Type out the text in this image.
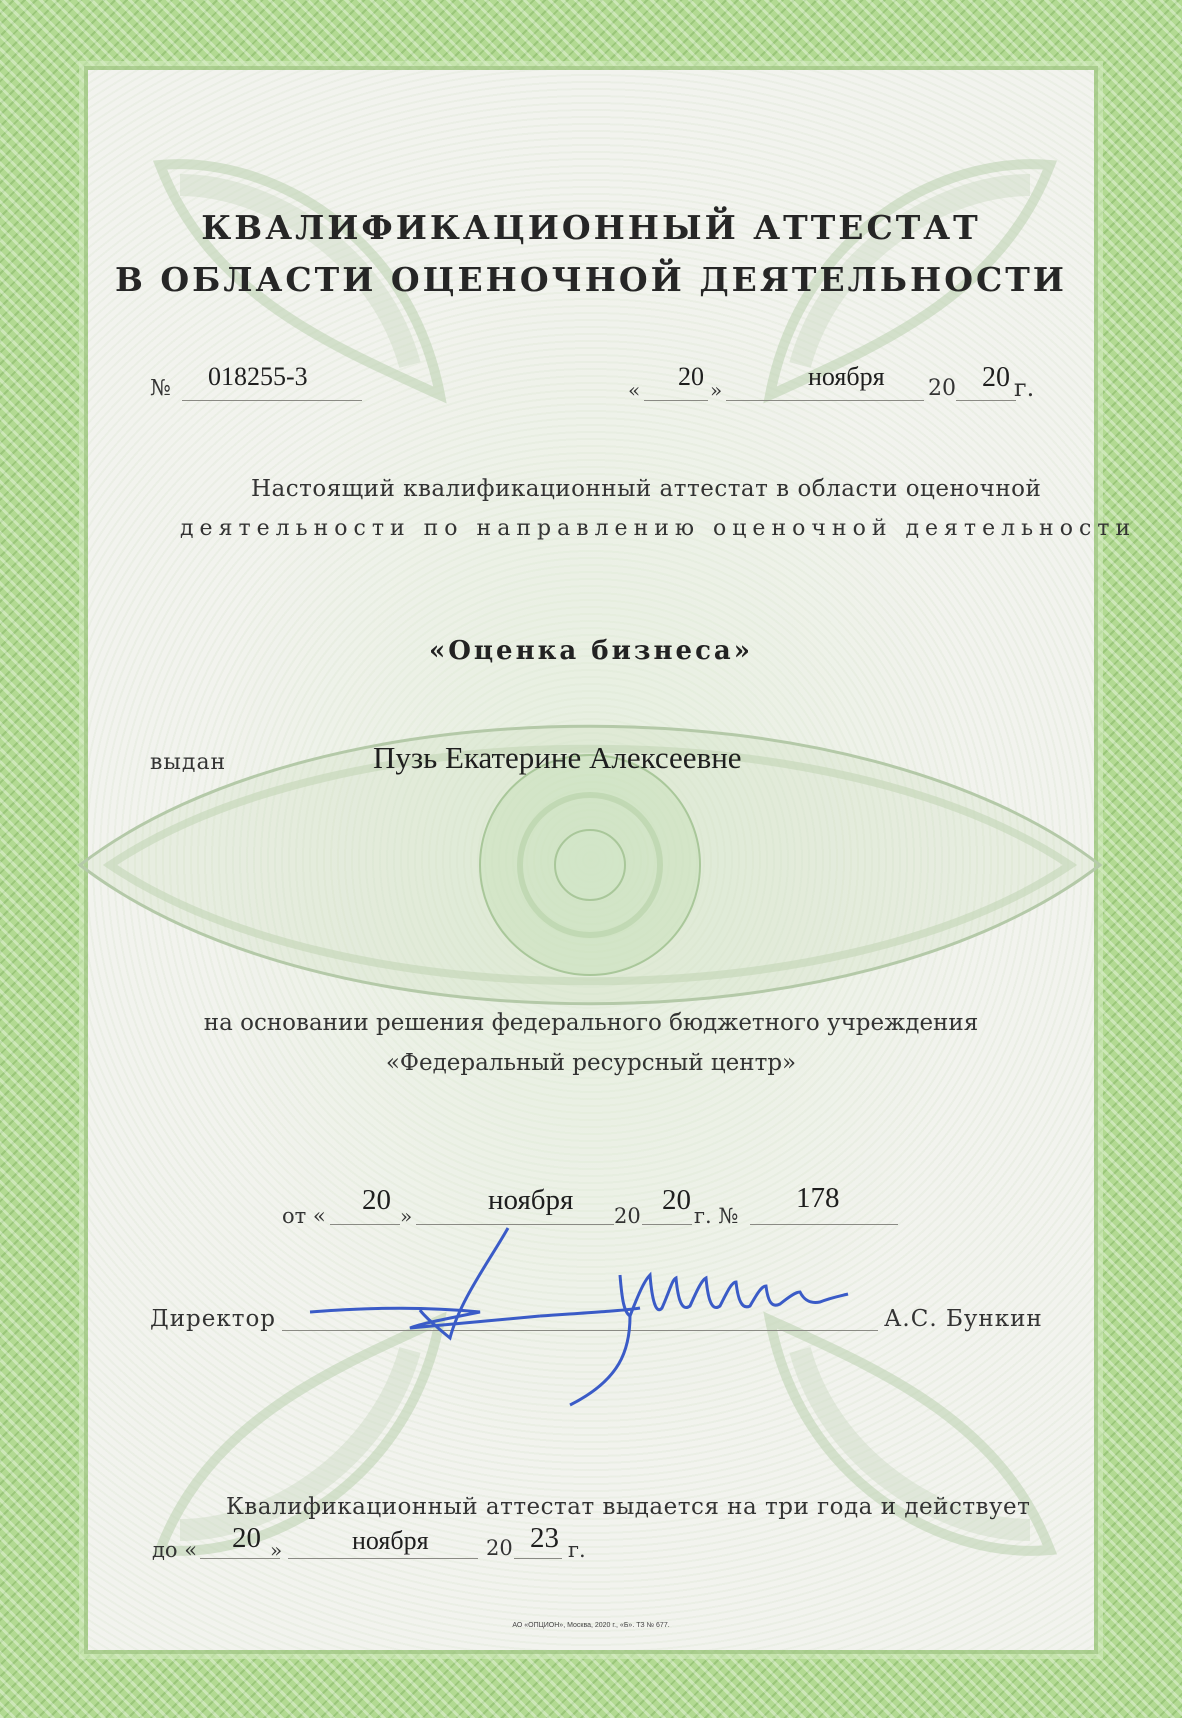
КВАЛИФИКАЦИОННЫЙ АТТЕСТАТ
В ОБЛАСТИ ОЦЕНОЧНОЙ ДЕЯТЕЛЬНОСТИ
№ 018255-3	« 20 »	ноября 20 20 г.
Настоящий квалификационный аттестат в области оценочной
деятельности по направлению оценочной деятельности
«Оценка бизнеса»
выдан	Пузь Екатерине Алексеевне
на основании решения федерального бюджетного учреждения
«Федеральный ресурсный центр»
от « 20 »	ноября 20 20 г. №
178
Директор	А.С. Бункин
Квалификационный аттестат выдается на три года и действует
до « 20 »	ноября	20 23 г.
АО «ОПЦИОН», Москва, 2020 г., «Б». ТЗ № 677.
